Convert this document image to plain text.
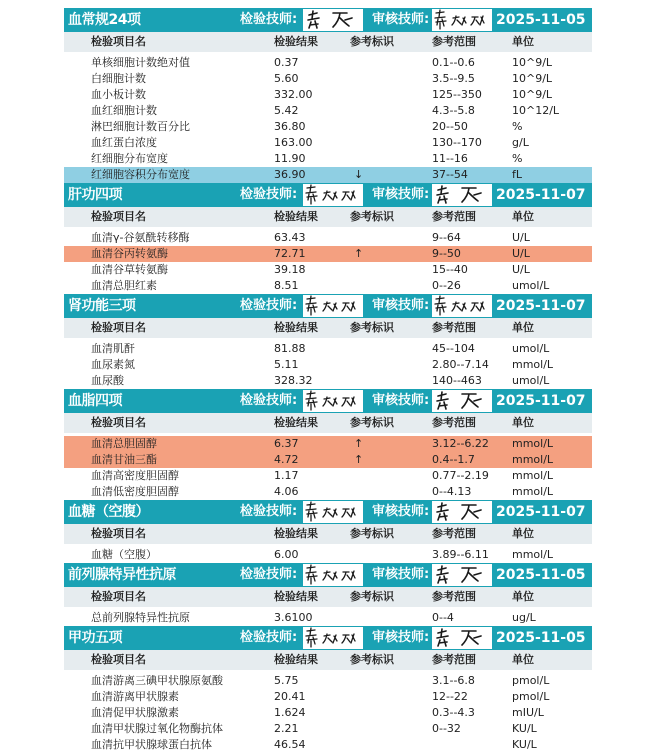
血常规24项	检验技师:	审核技师:	2025-11-05
检验项目名	检验结果	参考标识	参考范围	单位
单核细胞计数绝对值	0.37	0.1--0.6	10^9/L
白细胞计数	5.60	3.5--9.5	10^9/L
血小板计数	332.00	125--350	10^9/L
血红细胞计数	5.42	4.3--5.8	10^12/L
淋巴细胞计数百分比	36.80	20--50	%
血红蛋白浓度	163.00	130--170	g/L
红细胞分布宽度	11.90	11--16	%
红细胞容积分布宽度	36.90	↓	37--54	fL
肝功四项	检验技师:	审核技师:	2025-11-07
检验项目名	检验结果	参考标识	参考范围	单位
血清γ-谷氨酰转移酶	63.43	9--64	U/L
血清谷丙转氨酶	72.71	↑	9--50	U/L
血清谷草转氨酶	39.18	15--40	U/L
血清总胆红素	8.51	0--26	umol/L
肾功能三项	检验技师:	审核技师:	2025-11-07
检验项目名	检验结果	参考标识	参考范围	单位
血清肌酐	81.88	45--104	umol/L
血尿素氮	5.11	2.80--7.14 mmol/L
血尿酸	328.32	140--463	umol/L
血脂四项	检验技师:	审核技师:	2025-11-07
检验项目名	检验结果	参考标识	参考范围	单位
血清总胆固醇	6.37	↑	3.12--6.22 mmol/L
血清甘油三酯	4.72	↑	0.4--1.7	mmol/L
血清高密度胆固醇	1.17	0.77--2.19 mmol/L
血清低密度胆固醇	4.06	0--4.13	mmol/L
血糖（空腹）	检验技师:	审核技师:	2025-11-07
检验项目名	检验结果	参考标识	参考范围	单位
血糖（空腹）	6.00	3.89--6.11 mmol/L
前列腺特异性抗原	检验技师:	审核技师:	2025-11-05
检验项目名	检验结果	参考标识	参考范围	单位
总前列腺特异性抗原	3.6100	0--4	ug/L
甲功五项	检验技师:	审核技师:	2025-11-05
检验项目名	检验结果	参考标识	参考范围	单位
血清游离三碘甲状腺原氨酸	5.75	3.1--6.8	pmol/L
血清游离甲状腺素	20.41	12--22	pmol/L
血清促甲状腺激素	1.624	0.3--4.3	mIU/L
血清甲状腺过氧化物酶抗体	2.21	0--32	KU/L
血清抗甲状腺球蛋白抗体	46.54	KU/L
